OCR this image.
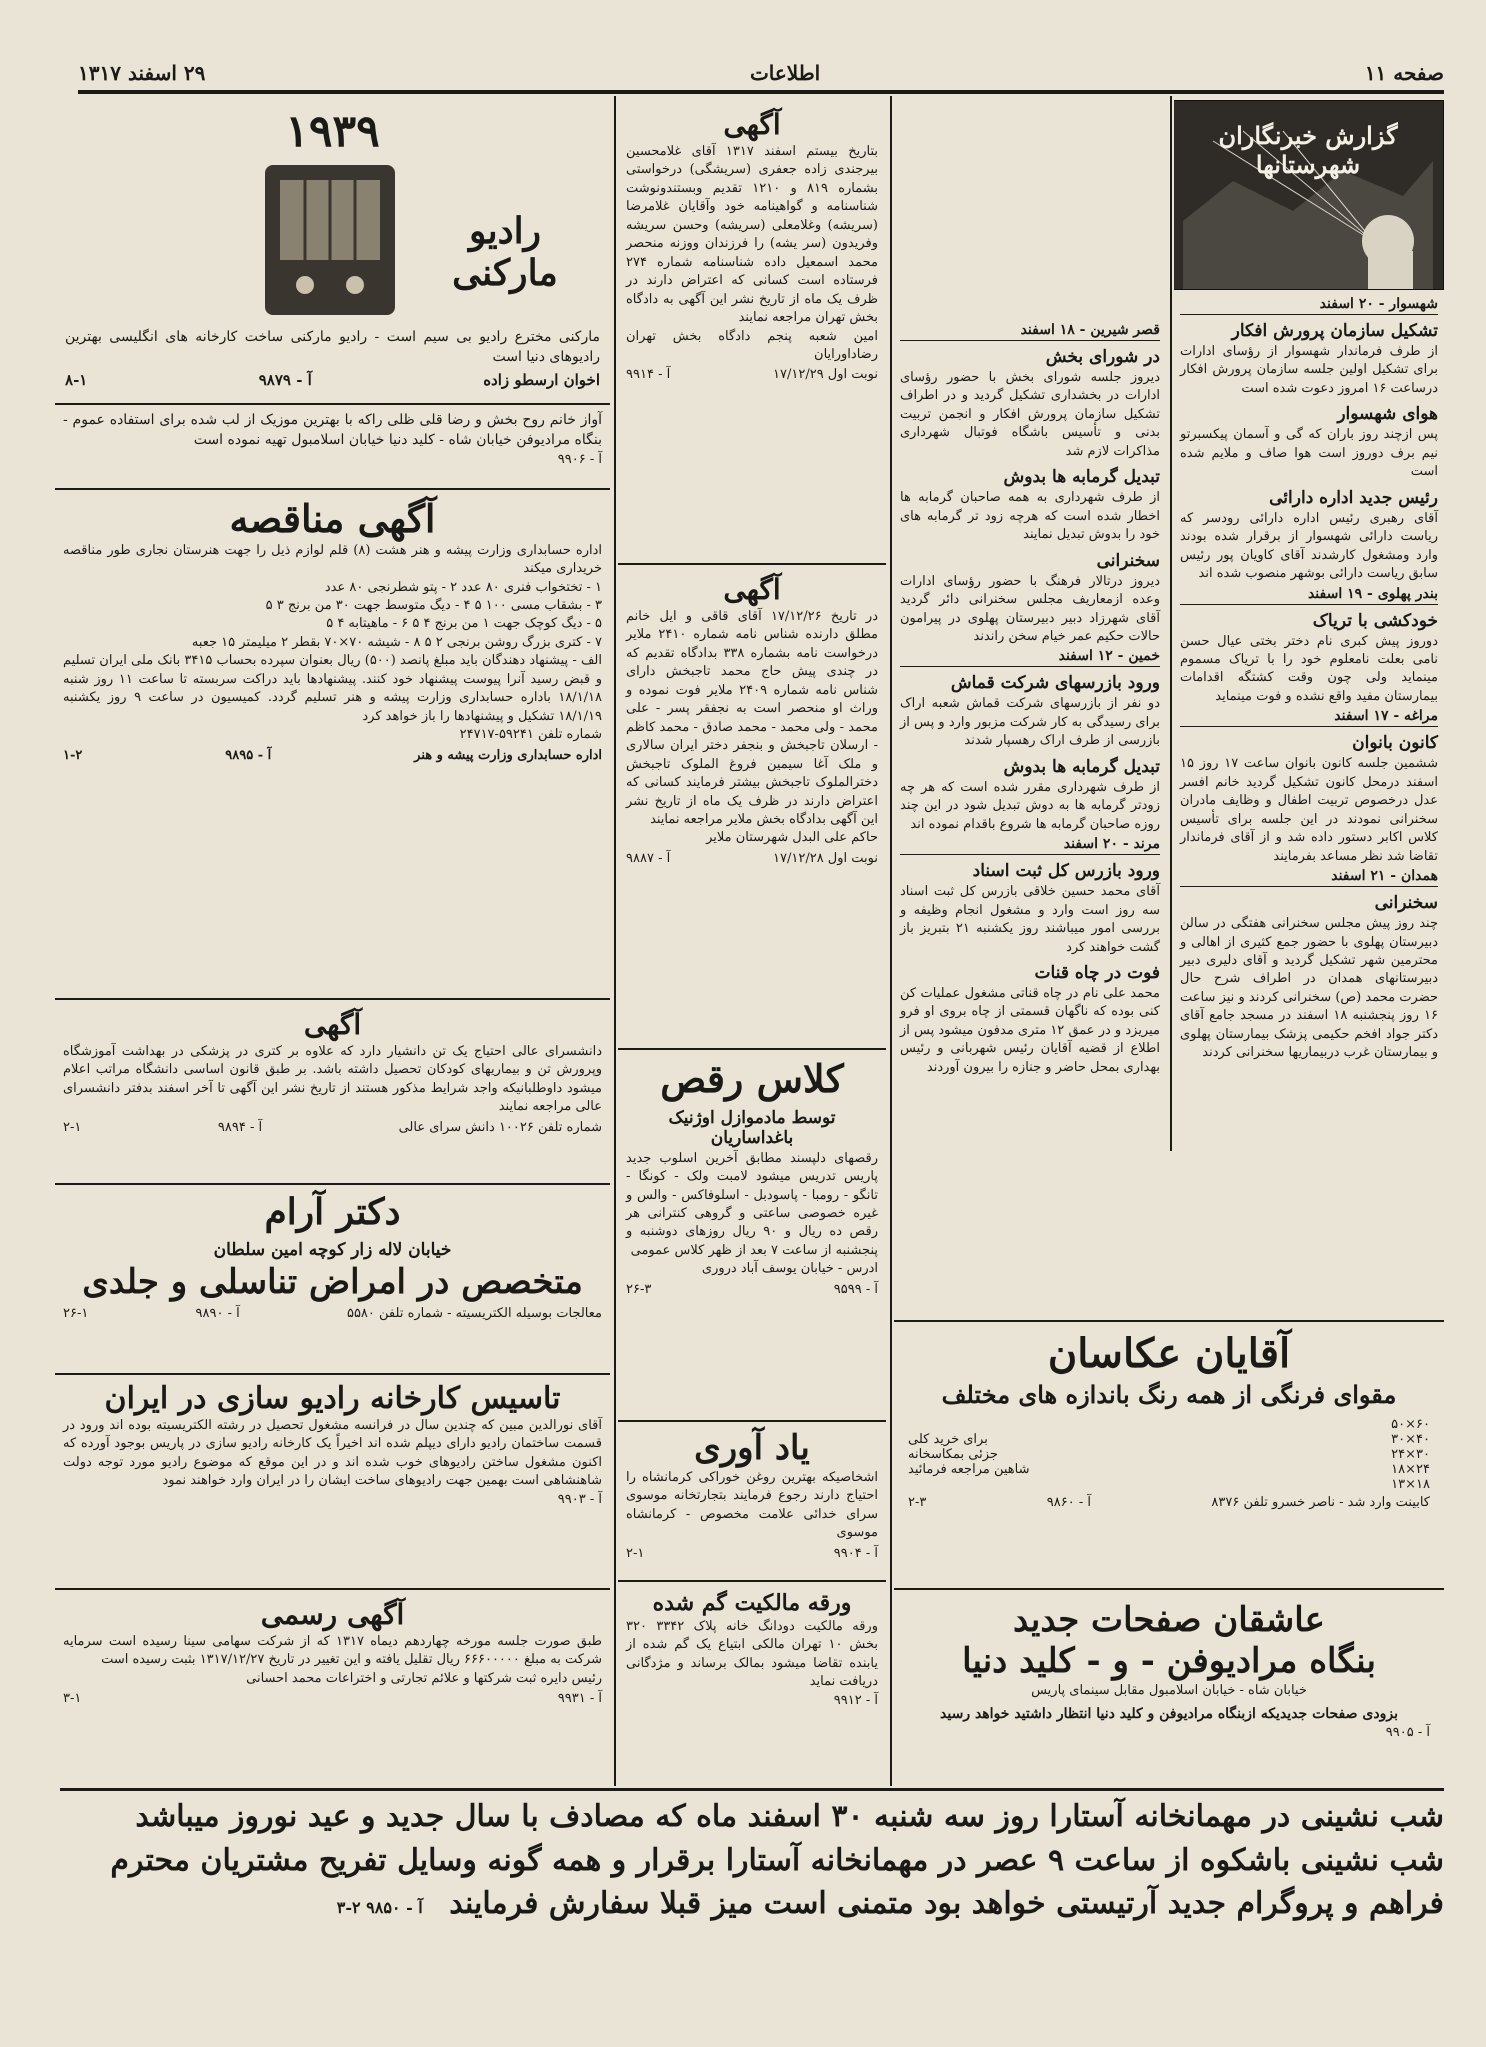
صفحه ۱۱
اطلاعات
۲۹ اسفند ۱۳۱۷
گزارش خبرنگاران شهرستانها
شهسوار - ۲۰ اسفند
تشکیل سازمان پرورش افکار
از طرف فرماندار شهسوار از رؤسای ادارات برای تشکیل اولین جلسه سازمان پرورش افکار درساعت ۱۶ امروز دعوت شده است
هوای شهسوار
پس ازچند روز باران که گی و آسمان پیکسبرتو نیم برف دوروز است هوا صاف و ملایم شده است
رئیس جدید اداره دارائی
آقای رهبری رئیس اداره دارائی رودسر که ریاست دارائی شهسوار از برقرار شده بودند وارد ومشغول کارشدند آقای کاویان پور رئیس سابق ریاست دارائی بوشهر منصوب شده اند
بندر پهلوی - ۱۹ اسفند
خودکشی با تریاک
دوروز پیش کبری نام دختر بختی عیال حسن نامی بعلت نامعلوم خود را با تریاک مسموم مینماید ولی چون وقت کشتگه اقدامات بیمارستان مفید واقع نشده و فوت مینماید
مراغه - ۱۷ اسفند
کانون بانوان
ششمین جلسه کانون بانوان ساعت ۱۷ روز ۱۵ اسفند درمحل کانون تشکیل گردید خانم افسر عدل درخصوص تربیت اطفال و وظایف مادران سخنرانی نمودند در این جلسه برای تأسیس کلاس اکابر دستور داده شد و از آقای فرماندار تقاضا شد نظر مساعد بفرمایند
همدان - ۲۱ اسفند
سخنرانی
چند روز پیش مجلس سخنرانی هفتگی در سالن دبیرستان پهلوی با حضور جمع کثیری از اهالی و محترمین شهر تشکیل گردید و آقای دلیری دبیر دبیرستانهای همدان در اطراف شرح حال حضرت محمد (ص) سخنرانی کردند و نیز ساعت ۱۶ روز پنجشنبه ۱۸ اسفند در مسجد جامع آقای دکتر جواد افخم حکیمی پزشک بیمارستان پهلوی و بیمارستان غرب دربیماریها سخنرانی کردند
قصر شیرین - ۱۸ اسفند
در شورای بخش
دیروز جلسه شورای بخش با حضور رؤسای ادارات در بخشداری تشکیل گردید و در اطراف تشکیل سازمان پرورش افکار و انجمن تربیت بدنی و تأسیس باشگاه فوتبال شهرداری مذاکرات لازم شد
تبدیل گرمابه ها بدوش
از طرف شهرداری به همه صاحبان گرمابه ها اخطار شده است که هرچه زود تر گرمابه های خود را بدوش تبدیل نمایند
سخنرانی
دیروز درتالار فرهنگ با حضور رؤسای ادارات وعده ازمعاریف مجلس سخنرانی دائر گردید آقای شهرزاد دبیر دبیرستان پهلوی در پیرامون حالات حکیم عمر خیام سخن راندند
خمین - ۱۲ اسفند
ورود بازرسهای شرکت قماش
دو نفر از بازرسهای شرکت قماش شعبه اراک برای رسیدگی به کار شرکت مزبور وارد و پس از بازرسی از طرف اراک رهسپار شدند
تبدیل گرمابه ها بدوش
از طرف شهرداری مقرر شده است که هر چه زودتر گرمابه ها به دوش تبدیل شود در این چند روزه صاحبان گرمابه ها شروع باقدام نموده اند
مرند - ۲۰ اسفند
ورود بازرس کل ثبت اسناد
آقای محمد حسین خلاقی بازرس کل ثبت اسناد سه روز است وارد و مشغول انجام وظیفه و بررسی امور میباشند روز یکشنبه ۲۱ بتبریز باز گشت خواهند کرد
فوت در چاه قنات
محمد علی نام در چاه قناتی مشغول عملیات کن کنی بوده که ناگهان قسمتی از چاه بروی او فرو میریزد و در عمق ۱۲ متری مدفون میشود پس از اطلاع از قضیه آقایان رئیس شهربانی و رئیس بهداری بمحل حاضر و جنازه را بیرون آوردند
آقایان عکاسان
مقوای فرنگی از همه رنگ باندازه های مختلف
۶۰×۵۰
۴۰×۳۰
برای خرید کلی
۳۰×۲۴
جزئی بمکاسخانه
۲۴×۱۸
شاهین مراجعه فرمائید
۱۸×۱۳
کابینت وارد شد - ناصر خسرو تلفن ۸۳۷۶
آ - ۹۸۶۰
۲-۳
عاشقان صفحات جدید
بنگاه مرادیوفن - و - کلید دنیا
خیابان شاه - خیابان اسلامبول مقابل سینمای پاریس
بزودی صفحات جدیدیکه ازبنگاه مرادیوفن و کلید دنیا انتظار داشتید خواهد رسید
آ - ۹۹۰۵
آگهی
بتاریخ بیستم اسفند ۱۳۱۷ آقای غلامحسین بیرجندی زاده جعفری (سریشگی) درخواستی بشماره ۸۱۹ و ۱۲۱۰ تقدیم وبستندونوشت شناسنامه و گواهینامه خود وآقایان غلامرضا (سریشه) وغلامعلی (سریشه) وحسن سریشه وفریدون (سر یشه) را فرزندان ووزنه منحصر محمد اسمعیل داده شناسنامه شماره ۲۷۴ فرستاده است کسانی که اعتراض دارند در ظرف یک ماه از تاریخ نشر این آگهی به دادگاه بخش تهران مراجعه نمایند
امین شعبه پنجم دادگاه بخش تهران رضاداورایان
نوبت اول ۱۷/۱۲/۲۹
آ - ۹۹۱۴
آگهی
در تاریخ ۱۷/۱۲/۲۶ آقای قاقی و ایل خانم مطلق دارنده شناس نامه شماره ۲۴۱۰ ملایر درخواست نامه بشماره ۳۳۸ بدادگاه تقدیم که در چندی پیش حاج محمد تاجبخش دارای شناس نامه شماره ۲۴۰۹ ملایر فوت نموده و وراث او منحصر است به نجفقر پسر - علی محمد - ولی محمد - محمد صادق - محمد کاظم - ارسلان تاجبخش و بنجفر دختر ایران سالاری و ملک آغا سیمین فروغ الملوک تاجبخش دخترالملوک تاجبخش بیشتر فرمایند کسانی که اعتراض دارند در ظرف یک ماه از تاریخ نشر این آگهی بدادگاه بخش ملایر مراجعه نمایند
حاکم علی البدل شهرستان ملایر
نوبت اول ۱۷/۱۲/۲۸
آ - ۹۸۸۷
کلاس رقص
توسط مادموازل اوژنیک باغداساریان
رقصهای دلپسند مطابق آخرین اسلوب جدید پاریس تدریس میشود لامبت ولک - کونگا - تانگو - رومبا - پاسودبل - اسلوفاکس - والس و غیره خصوصی ساعتی و گروهی کنترانی هر رقص ده ریال و ۹۰ ریال روزهای دوشنبه و پنجشنبه از ساعت ۷ بعد از ظهر کلاس عمومی
ادرس - خیابان یوسف آباد دروری
آ - ۹۵۹۹
۲۶-۳
یاد آوری
اشخاصیکه بهترین روغن خوراکی کرمانشاه را احتیاج دارند رجوع فرمایند بتجارتخانه موسوی سرای خدائی علامت مخصوص - کرمانشاه موسوی
آ - ۹۹۰۴
۲-۱
ورقه مالکیت گم شده
ورقه مالکیت دودانگ خانه پلاک ۳۳۴۲ ۳۲۰ بخش ۱۰ تهران مالکی ابتیاع یک گم شده از یابنده تقاضا میشود بمالک برساند و مژدگانی دریافت نماید
آ - ۹۹۱۲
۱۹۳۹
رادیو مارکنی
مارکنی مخترع رادیو بی سیم است - رادیو مارکنی ساخت کارخانه های انگلیسی بهترین رادیوهای دنیا است
اخوان ارسطو زاده
آ - ۹۸۷۹
۸-۱
آواز خانم روح بخش و رضا قلی ظلی راکه با بهترین موزیک از لب شده برای استفاده عموم - بنگاه مرادیوفن خیابان شاه - کلید دنیا خیابان اسلامبول تهیه نموده است
آ - ۹۹۰۶
آگهی مناقصه
اداره حسابداری وزارت پیشه و هنر هشت (۸) قلم لوازم ذیل را جهت هنرستان نجاری طور مناقصه خریداری میکند
۱ - تختخواب فنری ۸۰ عدد ۲ - پتو شطرنجی ۸۰ عدد
۳ - بشقاب مسی ۱۰۰ ۵ ۴ - دیگ متوسط جهت ۳۰ من برنج ۳ ۵
۵ - دیگ کوچک جهت ۱ من برنج ۴ ۵ ۶ - ماهیتابه ۴ ۵
۷ - کتری بزرگ روشن برنجی ۲ ۵ ۸ - شیشه ۷۰×۷۰ بقطر ۲ میلیمتر ۱۵ جعبه
الف - پیشنهاد دهندگان باید مبلغ پانصد (۵۰۰) ریال بعنوان سپرده بحساب ۳۴۱۵ بانک ملی ایران تسلیم و قبض رسید آنرا پیوست پیشنهاد خود کنند. پیشنهادها باید دراکت سربسته تا ساعت ۱۱ روز شنبه ۱۸/۱/۱۸ باداره حسابداری وزارت پیشه و هنر تسلیم گردد. کمیسیون در ساعت ۹ روز یکشنبه ۱۸/۱/۱۹ تشکیل و پیشنهادها را باز خواهد کرد
شماره تلفن ۵۹۲۴۱-۲۴۷۱۷
اداره حسابداری وزارت پیشه و هنر
آ - ۹۸۹۵
۱-۲
آگهی
دانشسرای عالی احتیاج یک تن دانشیار دارد که علاوه بر کتری در پزشکی در بهداشت آموزشگاه وپرورش تن و بیماریهای کودکان تحصیل داشته باشد. بر طبق قانون اساسی دانشگاه مراتب اعلام میشود داوطلبانیکه واجد شرایط مذکور هستند از تاریخ نشر این آگهی تا آخر اسفند بدفتر دانشسرای عالی مراجعه نمایند
شماره تلفن ۱۰۰۲۶ دانش سرای عالی
آ - ۹۸۹۴
۲-۱
دکتر آرام
خیابان لاله زار کوچه امین سلطان
متخصص در امراض تناسلی و جلدی
معالجات بوسیله الکتریسیته - شماره تلفن ۵۵۸۰
آ - ۹۸۹۰
۲۶-۱
تاسیس کارخانه رادیو سازی در ایران
آقای نورالدین مبین که چندین سال در فرانسه مشغول تحصیل در رشته الکتریسیته بوده اند ورود در قسمت ساختمان رادیو دارای دیپلم شده اند اخیراً یک کارخانه رادیو سازی در پاریس بوجود آورده که اکنون مشغول ساختن رادیوهای خوب شده اند و در این موقع که موضوع رادیو مورد توجه دولت شاهنشاهی است بهمین جهت رادیوهای ساخت ایشان را در ایران وارد خواهند نمود
آ - ۹۹۰۳
آگهی رسمی
طبق صورت جلسه مورخه چهاردهم دیماه ۱۳۱۷ که از شرکت سهامی سینا رسیده است سرمایه شرکت به مبلغ ۶۶۶۰۰۰۰۰ ریال تقلیل یافته و این تغییر در تاریخ ۱۳۱۷/۱۲/۲۷ بثبت رسیده است
رئیس دایره ثبت شرکتها و علائم تجارتی و اختراعات محمد احسانی
آ - ۹۹۳۱
۳-۱
شب نشینی در مهمانخانه آستارا روز سه شنبه ۳۰ اسفند ماه که مصادف با سال جدید و عید نوروز میباشد
شب نشینی باشکوه از ساعت ۹ عصر در مهمانخانه آستارا برقرار و همه گونه وسایل تفریح مشتریان محترم
فراهم و پروگرام جدید آرتیستی خواهد بود متمنی است میز قبلا سفارش فرمایند آ - ۹۸۵۰ ۲-۳
